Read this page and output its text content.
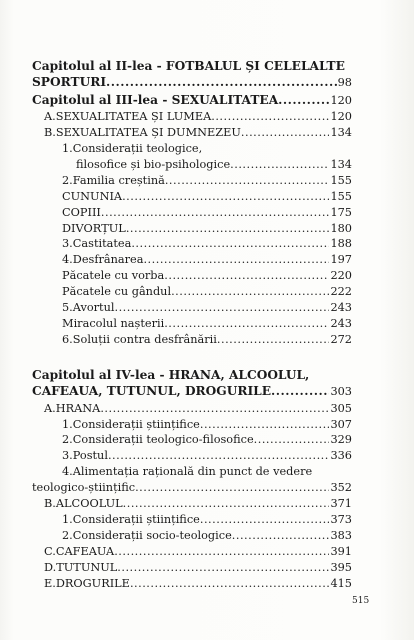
Capitolul al II-lea - FOTBALUL ȘI CELELALTE
SPORTURI .....	98
Capitolul al III-lea - SEXUALITATEA .....	120
A.SEXUALITATEA ȘI LUMEA .....	120
B.SEXUALITATEA ȘI DUMNEZEU .....	134
1.Considerații teologice,
filosofice și bio-psihologice .....	134
2.Familia creștină .....	155
CUNUNIA .....	155
COPIII .....	175
DIVORȚUL .....	180
3.Castitatea .....	188
4.Desfrânarea .....	197
Păcatele cu vorba .....	220
Păcatele cu gândul .....	222
5.Avortul .....	243
Miracolul nașterii .....	243
6.Soluții contra desfrânării .....	272
Capitolul al IV-lea - HRANA, ALCOOLUL,
CAFEAUA, TUTUNUL, DROGURILE .....	303
A.HRANA .....	305
1.Considerații științifice .....	307
2.Considerații teologico-filosofice .....	329
3.Postul .....	336
4.Alimentația rațională din punct de vedere
teologico-științific .....	352
B.ALCOOLUL .....	371
1.Considerații științifice .....	373
2.Considerații socio-teologice .....	383
C.CAFEAUA .....	391
D.TUTUNUL .....	395
E.DROGURILE .....	415
515
